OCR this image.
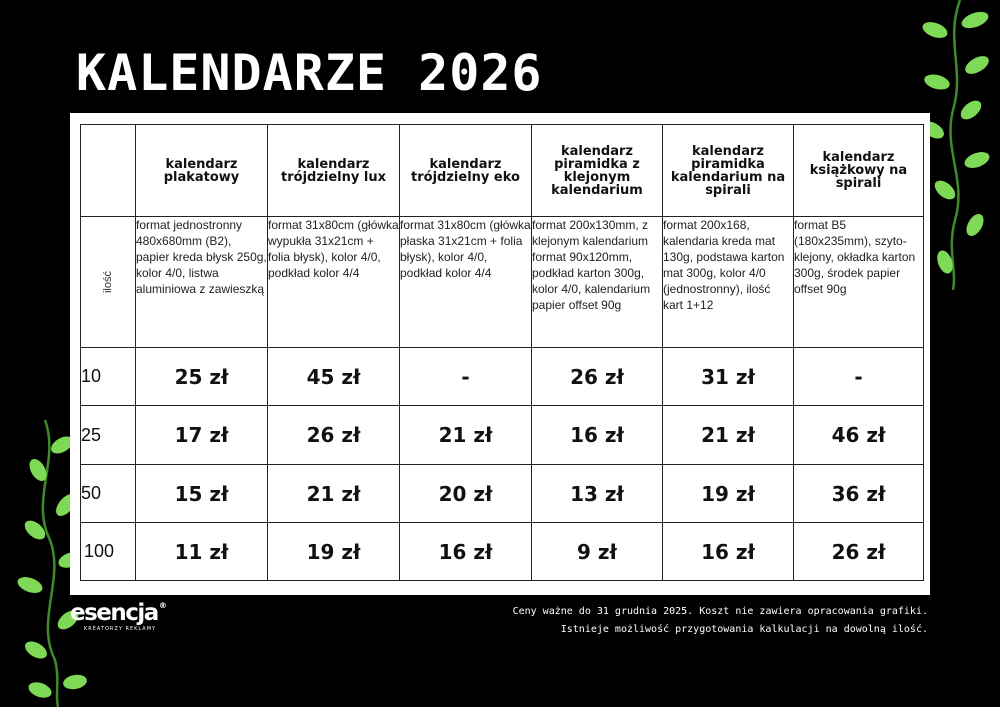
KALENDARZE 2026
	kalendarz plakatowy	kalendarz trójdzielny lux	kalendarz trójdzielny eko	kalendarz piramidka z klejonym kalendarium	kalendarz piramidka kalendarium na spirali	kalendarz książkowy na spirali

ilość	format jednostronny 480x680mm (B2), papier kreda błysk 250g, kolor 4/0, listwa aluminiowa z zawieszką	format 31x80cm (główka wypukła 31x21cm + folia błysk), kolor 4/0, podkład kolor 4/4	format 31x80cm (główka płaska 31x21cm + folia błysk), kolor 4/0, podkład kolor 4/4	format 200x130mm, z klejonym kalendarium format 90x120mm, podkład karton 300g, kolor 4/0, kalendarium papier offset 90g	format 200x168, kalendaria kreda mat 130g, podstawa karton mat 300g, kolor 4/0 (jednostronny), ilość kart 1+12	format B5 (180x235mm), szyto-klejony, okładka karton 300g, środek papier offset 90g
10	25 zł	45 zł	-	26 zł	31 zł	-
25	17 zł	26 zł	21 zł	16 zł	21 zł	46 zł
50	15 zł	21 zł	20 zł	13 zł	19 zł	36 zł
100	11 zł	19 zł	16 zł	9 zł	16 zł	26 zł
esencja®
KREATORZY REKLAMY
Ceny ważne do 31 grudnia 2025. Koszt nie zawiera opracowania grafiki.
Istnieje możliwość przygotowania kalkulacji na dowolną ilość.
